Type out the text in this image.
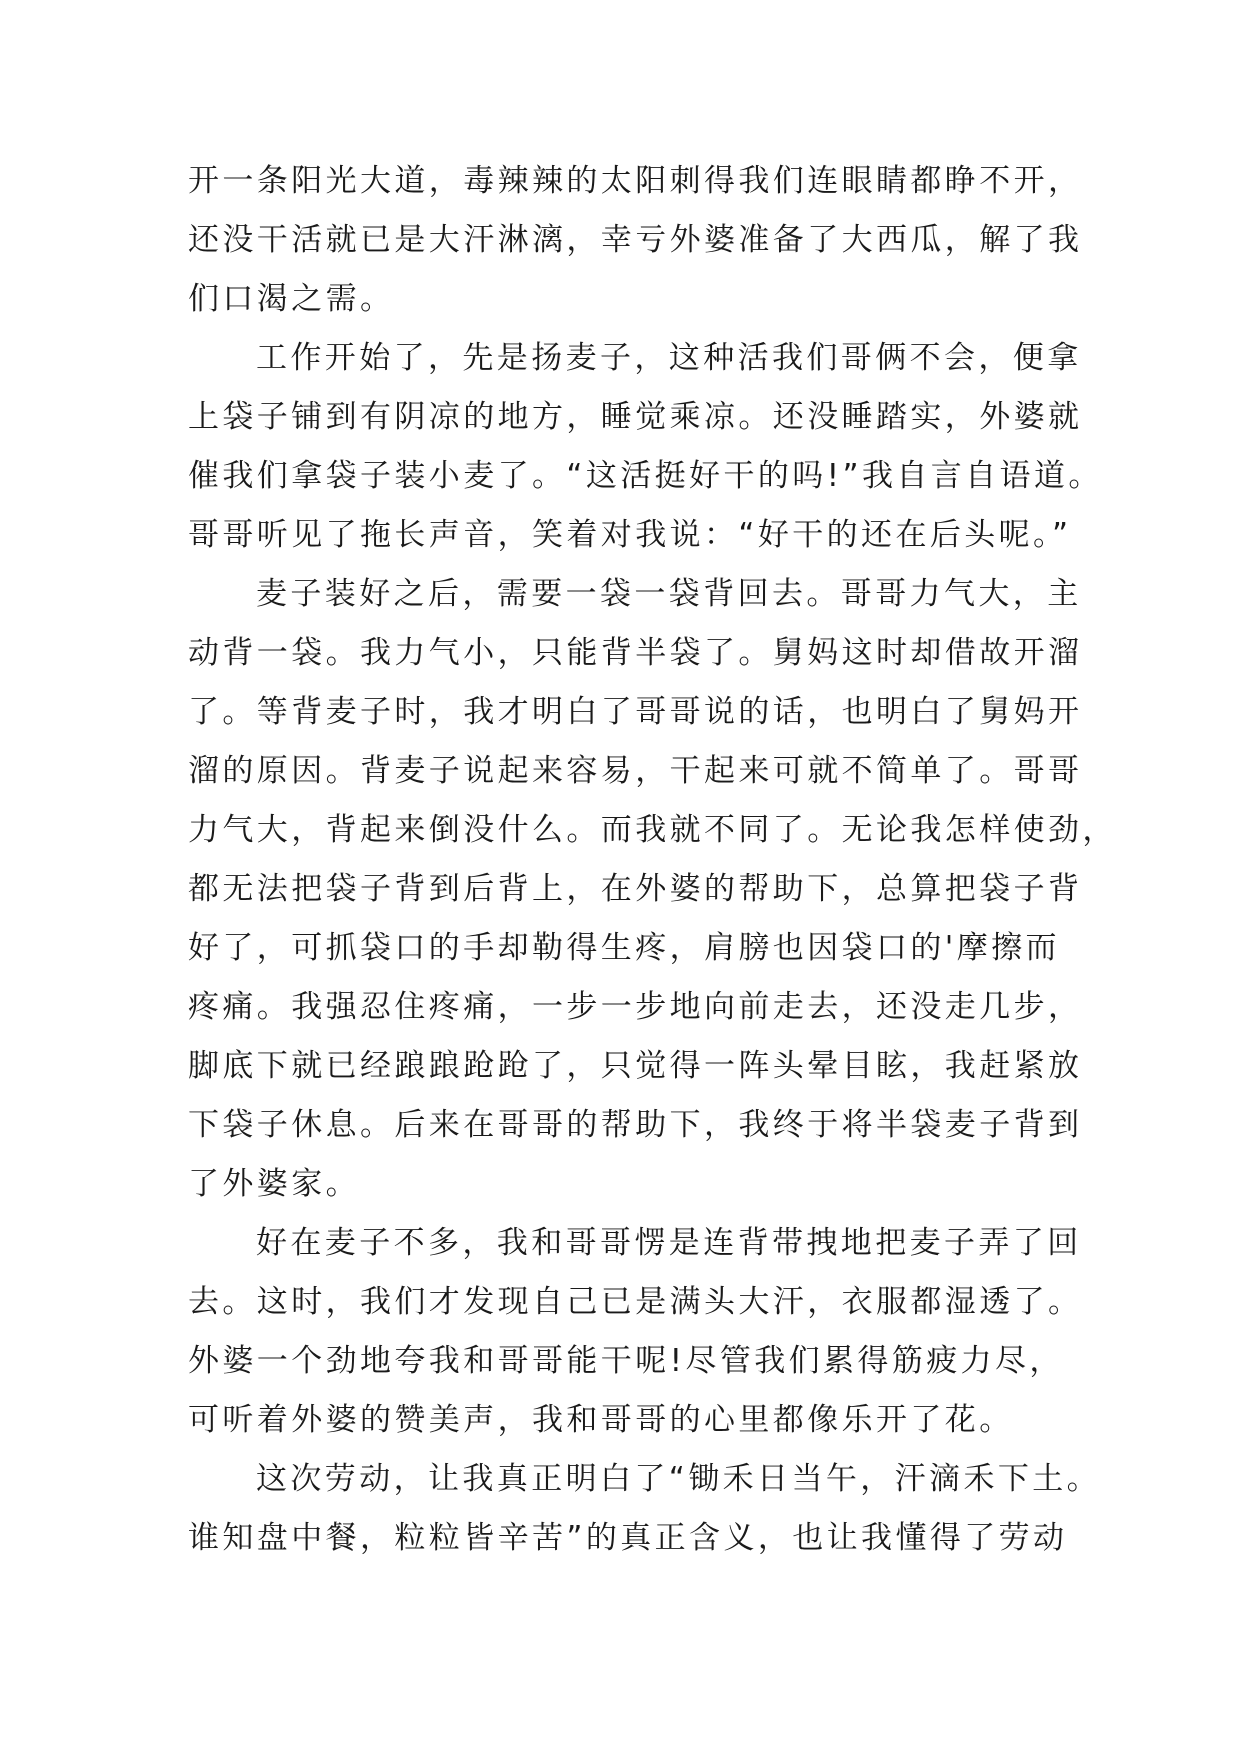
开一条阳光大道，毒辣辣的太阳刺得我们连眼睛都睁不开，
还没干活就已是大汗淋漓，幸亏外婆准备了大西瓜，解了我
们口渴之需。
工作开始了，先是扬麦子，这种活我们哥俩不会，便拿
上袋子铺到有阴凉的地方，睡觉乘凉。还没睡踏实，外婆就
催我们拿袋子装小麦了。“这活挺好干的吗!”我自言自语道。
哥哥听见了拖长声音，笑着对我说：“好干的还在后头呢。”
麦子装好之后，需要一袋一袋背回去。哥哥力气大，主
动背一袋。我力气小，只能背半袋了。舅妈这时却借故开溜
了。等背麦子时，我才明白了哥哥说的话，也明白了舅妈开
溜的原因。背麦子说起来容易，干起来可就不简单了。哥哥
力气大，背起来倒没什么。而我就不同了。无论我怎样使劲，
都无法把袋子背到后背上，在外婆的帮助下，总算把袋子背
好了，可抓袋口的手却勒得生疼，肩膀也因袋口的'摩擦而
疼痛。我强忍住疼痛，一步一步地向前走去，还没走几步，
脚底下就已经踉踉跄跄了，只觉得一阵头晕目眩，我赶紧放
下袋子休息。后来在哥哥的帮助下，我终于将半袋麦子背到
了外婆家。
好在麦子不多，我和哥哥愣是连背带拽地把麦子弄了回
去。这时，我们才发现自己已是满头大汗，衣服都湿透了。
外婆一个劲地夸我和哥哥能干呢!尽管我们累得筋疲力尽，
可听着外婆的赞美声，我和哥哥的心里都像乐开了花。
这次劳动，让我真正明白了“锄禾日当午，汗滴禾下土。
谁知盘中餐，粒粒皆辛苦”的真正含义，也让我懂得了劳动
